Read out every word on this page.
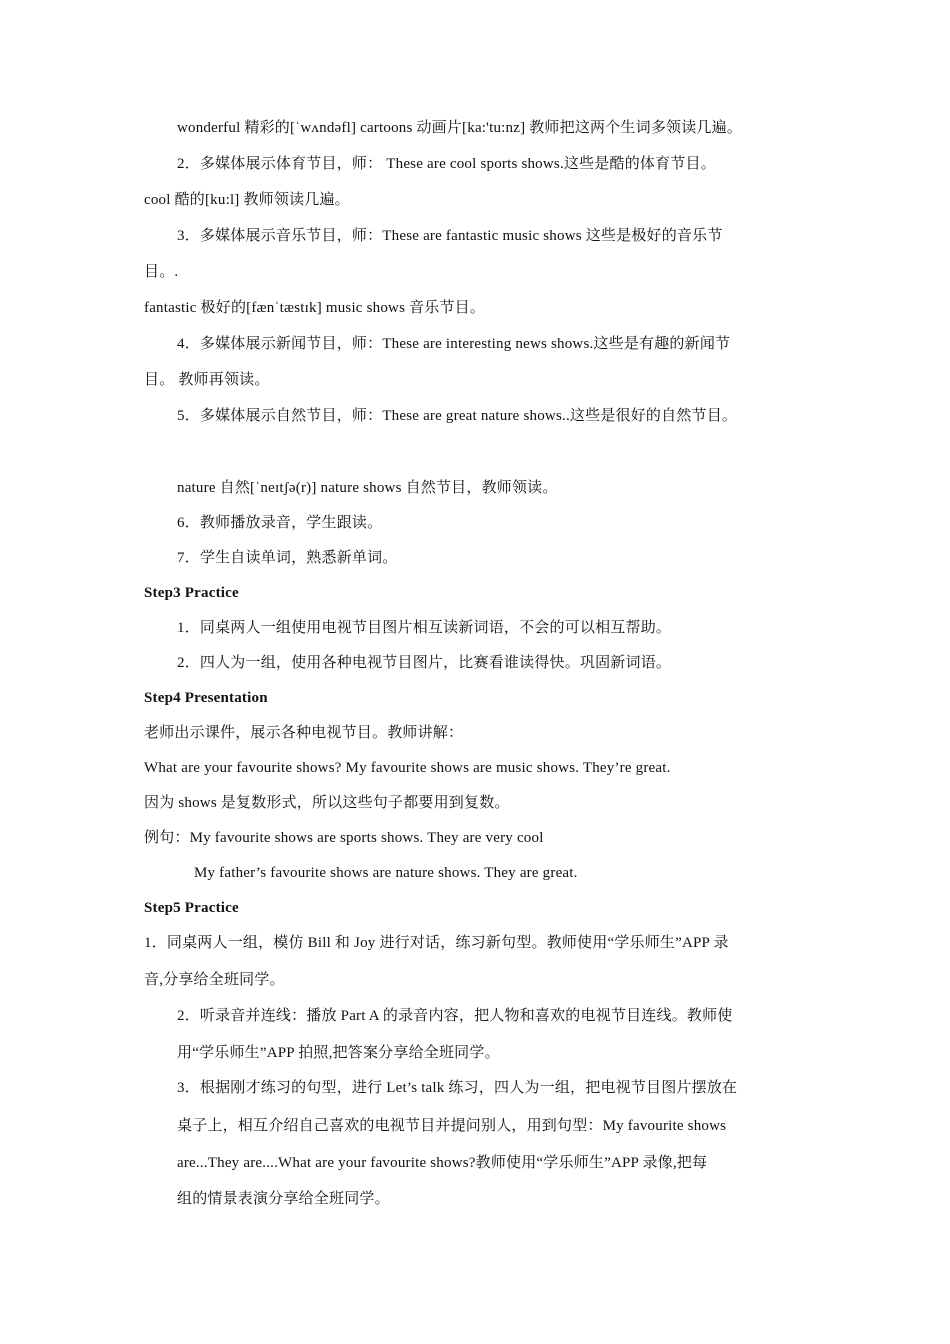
wonderful 精彩的[ˈwʌndəfl] cartoons 动画片[ka:'tu:nz] 教师把这两个生词多领读几遍。
2．多媒体展示体育节目，师： These are cool sports shows.这些是酷的体育节目。
cool 酷的[ku:l] 教师领读几遍。
3．多媒体展示音乐节目，师：These are fantastic music shows 这些是极好的音乐节
目。.
fantastic 极好的[fænˈtæstɪk] music shows 音乐节目。
4．多媒体展示新闻节目，师：These are interesting news shows.这些是有趣的新闻节
目。 教师再领读。
5．多媒体展示自然节目，师：These are great nature shows..这些是很好的自然节目。
nature 自然[ˈneɪtʃə(r)] nature shows 自然节目，教师领读。
6．教师播放录音，学生跟读。
7．学生自读单词，熟悉新单词。
Step3 Practice
1．同桌两人一组使用电视节目图片相互读新词语，不会的可以相互帮助。
2．四人为一组，使用各种电视节目图片，比赛看谁读得快。巩固新词语。
Step4 Presentation
老师出示课件，展示各种电视节目。教师讲解：
What are your favourite shows? My favourite shows are music shows. They’re great.
因为 shows 是复数形式，所以这些句子都要用到复数。
例句：My favourite shows are sports shows. They are very cool
My father’s favourite shows are nature shows. They are great.
Step5 Practice
1．同桌两人一组，模仿 Bill 和 Joy 进行对话，练习新句型。教师使用“学乐师生”APP 录
音,分享给全班同学。
2．听录音并连线：播放 Part A 的录音内容，把人物和喜欢的电视节目连线。教师使
用“学乐师生”APP 拍照,把答案分享给全班同学。
3．根据刚才练习的句型，进行 Let’s talk 练习，四人为一组，把电视节目图片摆放在
桌子上，相互介绍自己喜欢的电视节目并提问别人，用到句型：My favourite shows
are...They are....What are your favourite shows?教师使用“学乐师生”APP 录像,把每
组的情景表演分享给全班同学。
